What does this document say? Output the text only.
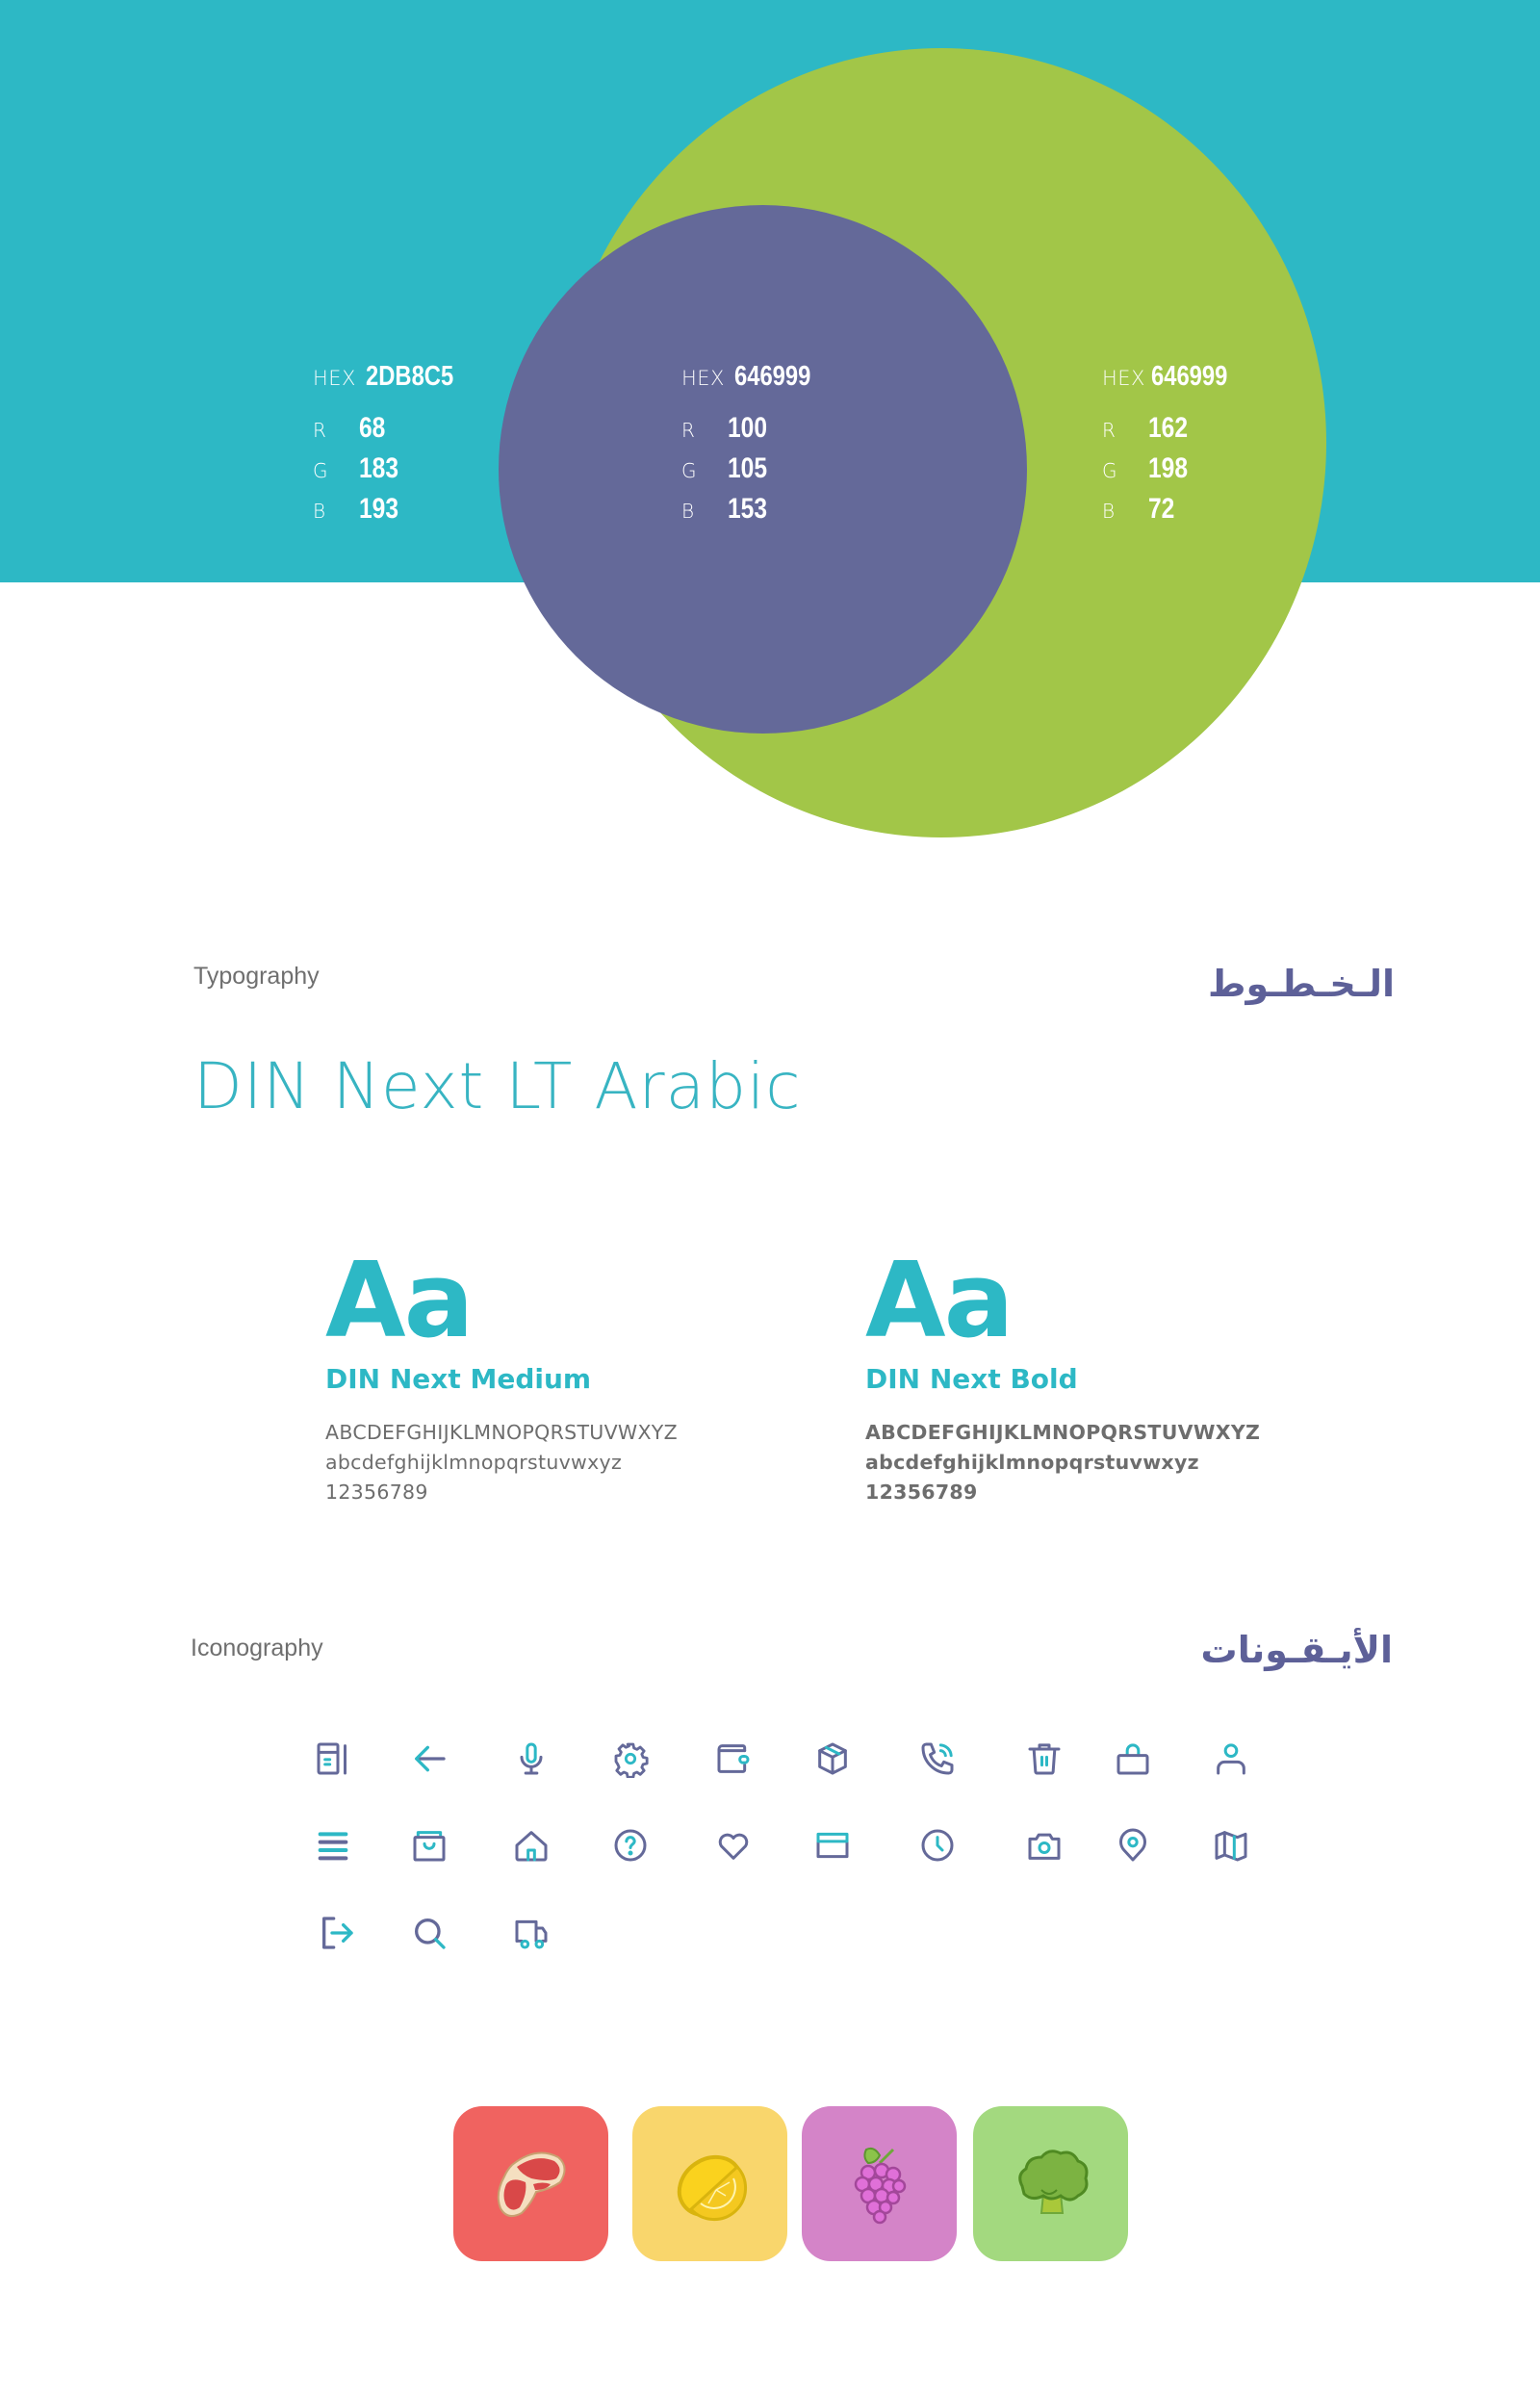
HEX 2DB8C5
R	68
G	183
B	193
HEX 646999
R	100
G	105
B	153
HEX 646999
R	162
G	198
B	72
Typography	الـخـطـوط
DIN Next LT Arabic
Aa
DIN Next Medium
ABCDEFGHIJKLMNOPQRSTUVWXYZ
abcdefghijklmnopqrstuvwxyz
12356789
Aa
DIN Next Bold
ABCDEFGHIJKLMNOPQRSTUVWXYZ
abcdefghijklmnopqrstuvwxyz
12356789
Iconography	الأيـقـونات
